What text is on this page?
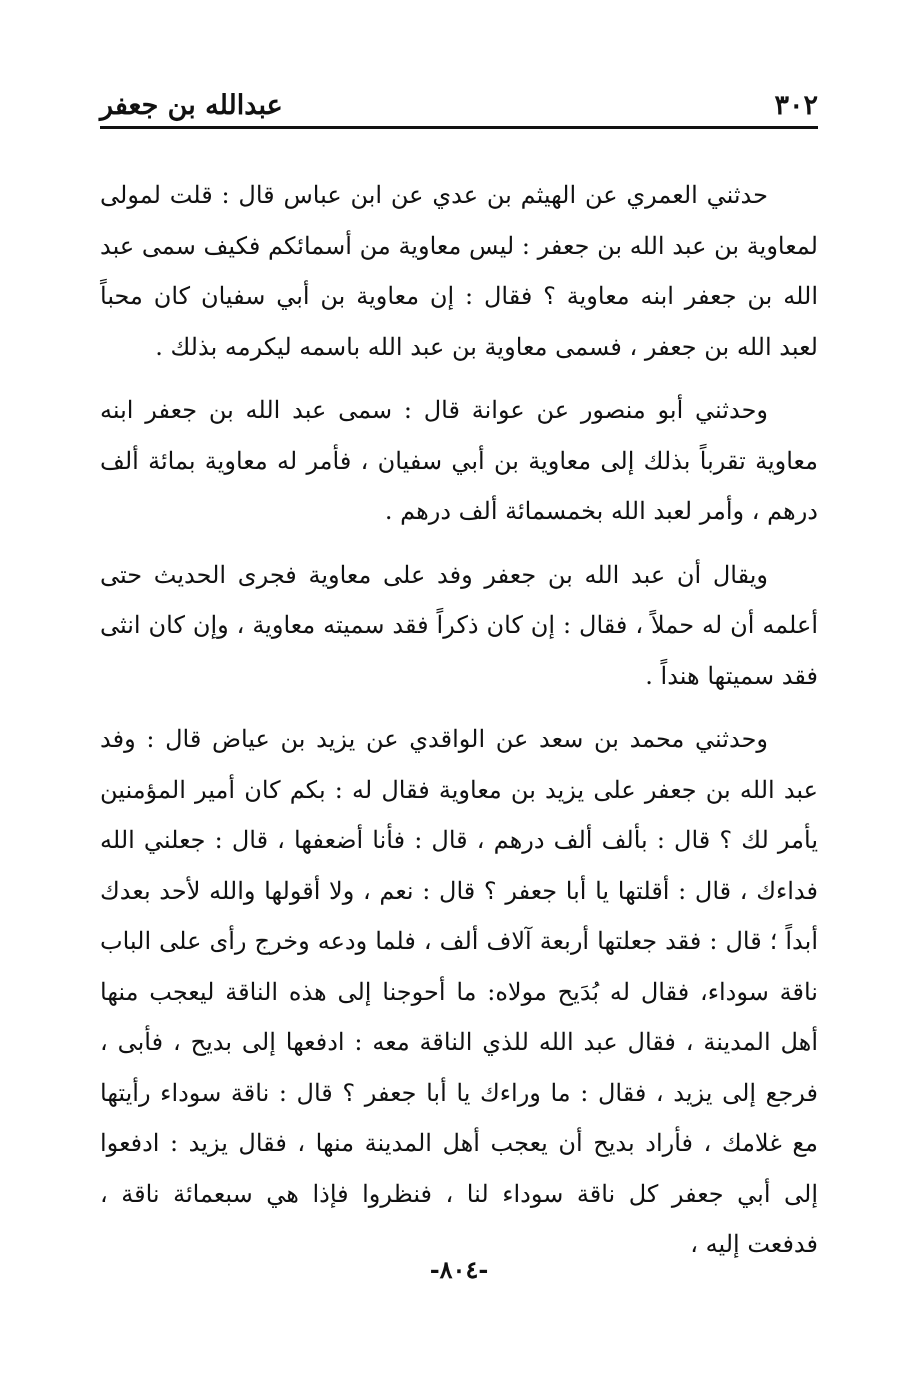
٣٠٢
عبدالله بن جعفر

حدثني العمري عن الهيثم بن عدي عن ابن عباس قال : قلت لمولى لمعاوية بن عبد الله بن جعفر : ليس معاوية من أسمائكم فكيف سمى عبد الله بن جعفر ابنه معاوية ؟ فقال : إن معاوية بن أبي سفيان كان محباً لعبد الله بن جعفر ، فسمى معاوية بن عبد الله باسمه ليكرمه بذلك .

وحدثني أبو منصور عن عوانة قال : سمى عبد الله بن جعفر ابنه معاوية تقرباً بذلك إلى معاوية بن أبي سفيان ، فأمر له معاوية بمائة ألف درهم ، وأمر لعبد الله بخمسمائة ألف درهم .

ويقال أن عبد الله بن جعفر وفد على معاوية فجرى الحديث حتى أعلمه أن له حملاً ، فقال : إن كان ذكراً فقد سميته معاوية ، وإن كان انثى فقد سميتها هنداً .

وحدثني محمد بن سعد عن الواقدي عن يزيد بن عياض قال : وفد عبد الله بن جعفر على يزيد بن معاوية فقال له : بكم كان أمير المؤمنين يأمر لك ؟ قال : بألف ألف درهم ، قال : فأنا أضعفها ، قال : جعلني الله فداءك ، قال : أقلتها يا أبا جعفر ؟ قال : نعم ، ولا أقولها والله لأحد بعدك أبداً ؛ قال : فقد جعلتها أربعة آلاف ألف ، فلما ودعه وخرج رأى على الباب ناقة سوداء، فقال له بُدَيح مولاه: ما أحوجنا إلى هذه الناقة ليعجب منها أهل المدينة ، فقال عبد الله للذي الناقة معه : ادفعها إلى بديح ، فأبى ، فرجع إلى يزيد ، فقال : ما وراءك يا أبا جعفر ؟ قال : ناقة سوداء رأيتها مع غلامك ، فأراد بديح أن يعجب أهل المدينة منها ، فقال يزيد : ادفعوا إلى أبي جعفر كل ناقة سوداء لنا ، فنظروا فإذا هي سبعمائة ناقة ، فدفعت إليه ،

-٨٠٤-
